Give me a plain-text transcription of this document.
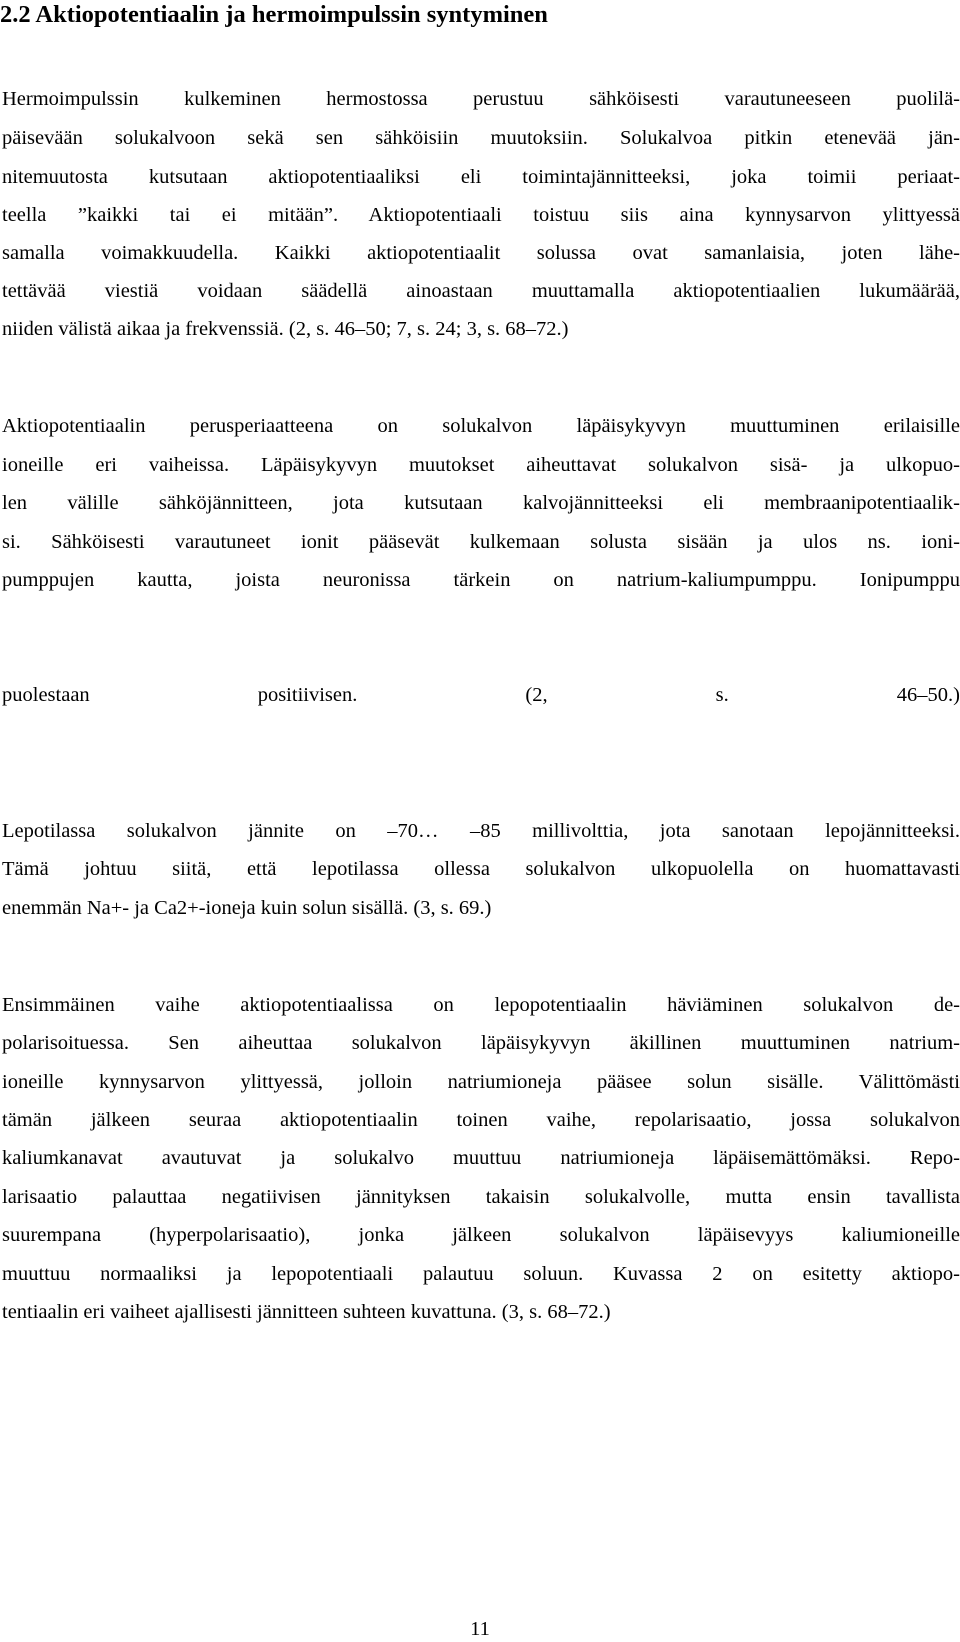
2.2 Aktiopotentiaalin ja hermoimpulssin syntyminen
Hermoimpulssin kulkeminen hermostossa perustuu sähköisesti varautuneeseen puolilä-
päisevään solukalvoon sekä sen sähköisiin muutoksiin. Solukalvoa pitkin etenevää jän-
nitemuutosta kutsutaan aktiopotentiaaliksi eli toimintajännitteeksi, joka toimii periaat-
teella ”kaikki tai ei mitään”. Aktiopotentiaali toistuu siis aina kynnysarvon ylittyessä
samalla voimakkuudella. Kaikki aktiopotentiaalit solussa ovat samanlaisia, joten lähe-
tettävää viestiä voidaan säädellä ainoastaan muuttamalla aktiopotentiaalien lukumäärää,
niiden välistä aikaa ja frekvenssiä. (2, s. 46–50; 7, s. 24; 3, s. 68–72.)
Aktiopotentiaalin perusperiaatteena on solukalvon läpäisykyvyn muuttuminen erilaisille
ioneille eri vaiheissa. Läpäisykyvyn muutokset aiheuttavat solukalvon sisä- ja ulkopuo-
len välille sähköjännitteen, jota kutsutaan kalvojännitteeksi eli membraanipotentiaalik-
si. Sähköisesti varautuneet ionit pääsevät kulkemaan solusta sisään ja ulos ns. ioni-
pumppujen kautta, joista neuronissa tärkein on natrium-kaliumpumppu. Ionipumppu
puolestaan positiivisen. (2, s. 46–50.)
Lepotilassa solukalvon jännite on –70… –85 millivolttia, jota sanotaan lepojännitteeksi.
Tämä johtuu siitä, että lepotilassa ollessa solukalvon ulkopuolella on huomattavasti
enemmän Na+- ja Ca2+-ioneja kuin solun sisällä. (3, s. 69.)
Ensimmäinen vaihe aktiopotentiaalissa on lepopotentiaalin häviäminen solukalvon de-
polarisoituessa. Sen aiheuttaa solukalvon läpäisykyvyn äkillinen muuttuminen natrium-
ioneille kynnysarvon ylittyessä, jolloin natriumioneja pääsee solun sisälle. Välittömästi
tämän jälkeen seuraa aktiopotentiaalin toinen vaihe, repolarisaatio, jossa solukalvon
kaliumkanavat avautuvat ja solukalvo muuttuu natriumioneja läpäisemättömäksi. Repo-
larisaatio palauttaa negatiivisen jännityksen takaisin solukalvolle, mutta ensin tavallista
suurempana (hyperpolarisaatio), jonka jälkeen solukalvon läpäisevyys kaliumioneille
muuttuu normaaliksi ja lepopotentiaali palautuu soluun. Kuvassa 2 on esitetty aktiopo-
tentiaalin eri vaiheet ajallisesti jännitteen suhteen kuvattuna. (3, s. 68–72.)
11
